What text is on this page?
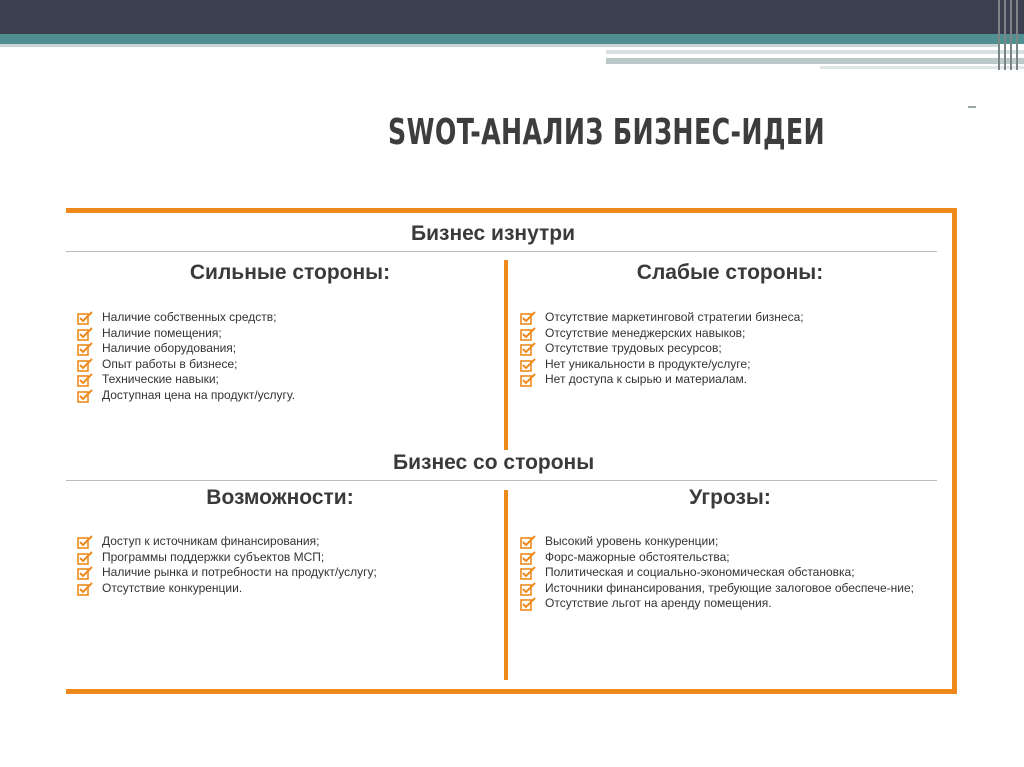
SWOT-АНАЛИЗ БИЗНЕС-ИДЕИ
Бизнес изнутри
Сильные стороны:	Слабые стороны:
Наличие собственных средств;
Наличие помещения;
Наличие оборудования;
Опыт работы в бизнесе;
Технические навыки;
Доступная цена на продукт/услугу.
Отсутствие маркетинговой стратегии бизнеса;
Отсутствие менеджерских навыков;
Отсутствие трудовых ресурсов;
Нет уникальности в продукте/услуге;
Нет доступа к сырью и материалам.
Бизнес со стороны
Возможности:	Угрозы:
Доступ к источникам финансирования;
Программы поддержки субъектов МСП;
Наличие рынка и потребности на продукт/услугу;
Отсутствие конкуренции.
Высокий уровень конкуренции;
Форс-мажорные обстоятельства;
Политическая и социально-экономическая обстановка;
Источники финансирования, требующие залоговое обеспече-ние;
Отсутствие льгот на аренду помещения.
